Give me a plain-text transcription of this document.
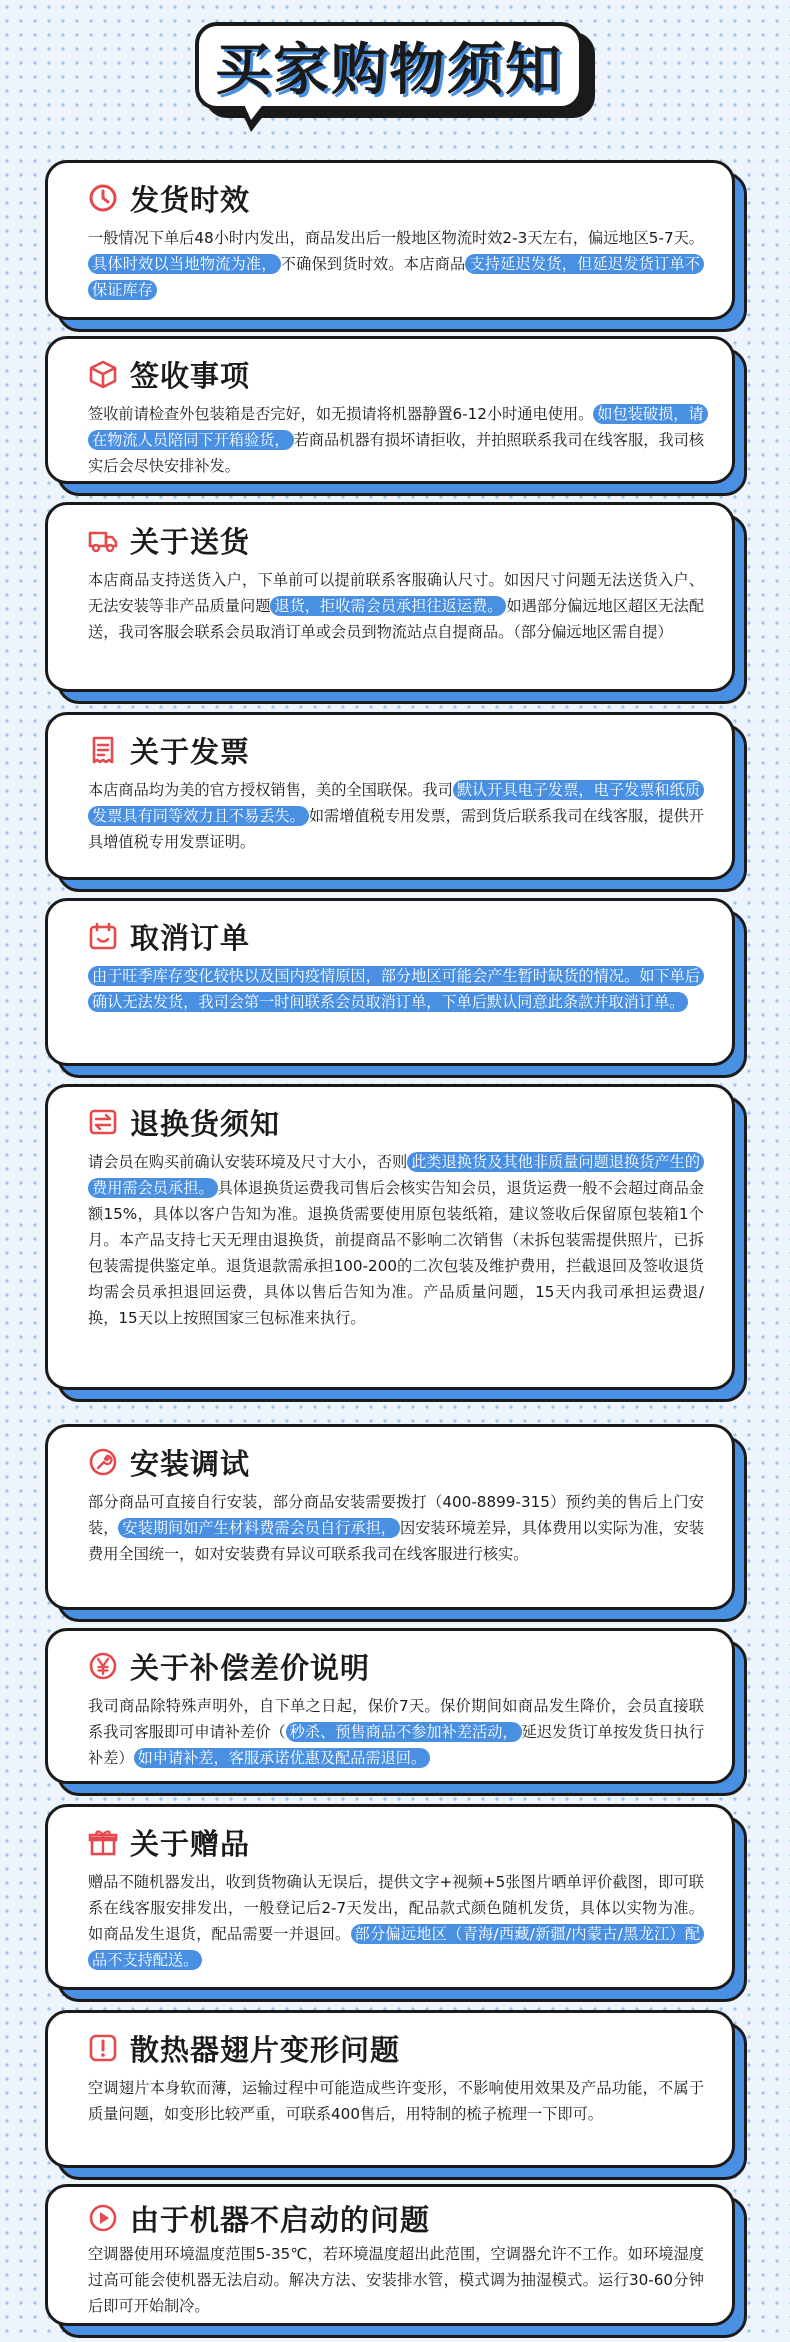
买家购物须知
发货时效
一般情况下单后48小时内发出，商品发出后一般地区物流时效2-3天左右，偏远地区5-7天。具体时效以当地物流为准， 不确保到货时效。本店商品 支持延迟发货，但延迟发货订单不保证库存
签收事项
签收前请检查外包装箱是否完好，如无损请将机器静置6-12小时通电使用。 如包装破损，请在物流人员陪同下开箱验货， 若商品机器有损坏请拒收，并拍照联系我司在线客服，我司核实后会尽快安排补发。
关于送货
本店商品支持送货入户，下单前可以提前联系客服确认尺寸。如因尺寸问题无法送货入户、无法安装等非产品质量问题 退货，拒收需会员承担往返运费。 如遇部分偏远地区超区无法配送，我司客服会联系会员取消订单或会员到物流站点自提商品。（部分偏远地区需自提）
关于发票
本店商品均为美的官方授权销售，美的全国联保。我司 默认开具电子发票，电子发票和纸质发票具有同等效力且不易丢失。 如需增值税专用发票，需到货后联系我司在线客服，提供开具增值税专用发票证明。
取消订单
由于旺季库存变化较快以及国内疫情原因，部分地区可能会产生暂时缺货的情况。如下单后确认无法发货，我司会第一时间联系会员取消订单，下单后默认同意此条款并取消订单。
退换货须知
请会员在购买前确认安装环境及尺寸大小，否则 此类退换货及其他非质量问题退换货产生的费用需会员承担。 具体退换货运费我司售后会核实告知会员，退货运费一般不会超过商品金额15%，具体以客户告知为准。退换货需要使用原包装纸箱，建议签收后保留原包装箱1个月。本产品支持七天无理由退换货，前提商品不影响二次销售（未拆包装需提供照片，已拆包装需提供鉴定单。退货退款需承担100-200的二次包装及维护费用，拦截退回及签收退货均需会员承担退回运费，具体以售后告知为准。产品质量问题，15天内我司承担运费退/换，15天以上按照国家三包标准来执行。
安装调试
部分商品可直接自行安装，部分商品安装需要拨打（400-8899-315）预约美的售后上门安装， 安装期间如产生材料费需会员自行承担， 因安装环境差异，具体费用以实际为准，安装费用全国统一，如对安装费有异议可联系我司在线客服进行核实。
关于补偿差价说明
我司商品除特殊声明外，自下单之日起，保价7天。保价期间如商品发生降价，会员直接联系我司客服即可申请补差价（ 秒杀、预售商品不参加补差活动， 延迟发货订单按发货日执行补差） 如申请补差，客服承诺优惠及配品需退回。
关于赠品
赠品不随机器发出，收到货物确认无误后，提供文字+视频+5张图片晒单评价截图，即可联系在线客服安排发出，一般登记后2-7天发出，配品款式颜色随机发货，具体以实物为准。如商品发生退货，配品需要一并退回。 部分偏远地区（青海/西藏/新疆/内蒙古/黑龙江）配品不支持配送。
散热器翅片变形问题
空调翅片本身软而薄，运输过程中可能造成些许变形，不影响使用效果及产品功能，不属于质量问题，如变形比较严重，可联系400售后，用特制的梳子梳理一下即可。
由于机器不启动的问题
空调器使用环境温度范围5-35℃，若环境温度超出此范围，空调器允许不工作。如环境湿度过高可能会使机器无法启动。解决方法、安装排水管，模式调为抽湿模式。运行30-60分钟后即可开始制冷。
